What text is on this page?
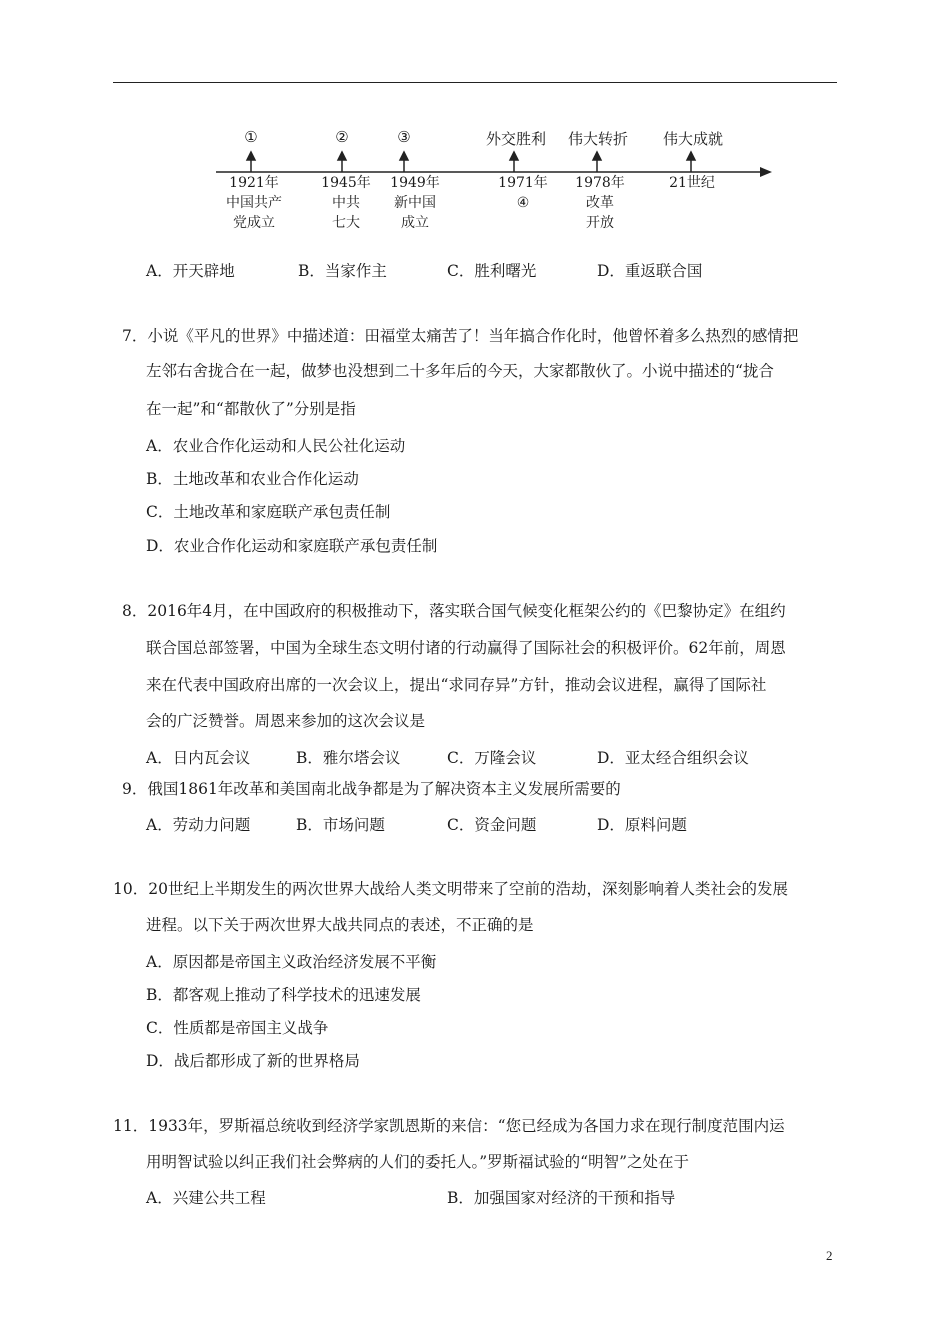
①	②	③	外交胜利	伟大转折	伟大成就
1921年
中国共产
党成立
1945年
中共
七大
1949年
新中国
成立
1971年
④
1978年
改革
开放
21世纪
A．开天辟地	B．当家作主	C．胜利曙光	D．重返联合国
7．小说《平凡的世界》中描述道：田福堂太痛苦了！当年搞合作化时，他曾怀着多么热烈的感情把
左邻右舍拢合在一起，做梦也没想到二十多年后的今天，大家都散伙了。小说中描述的“拢合
在一起”和“都散伙了”分别是指
A．农业合作化运动和人民公社化运动
B．土地改革和农业合作化运动
C．土地改革和家庭联产承包责任制
D．农业合作化运动和家庭联产承包责任制
8．2016年4月，在中国政府的积极推动下，落实联合国气候变化框架公约的《巴黎协定》在组约
联合国总部签署，中国为全球生态文明付诸的行动赢得了国际社会的积极评价。62年前，周恩
来在代表中国政府出席的一次会议上，提出“求同存异”方针，推动会议进程，赢得了国际社
会的广泛赞誉。周恩来参加的这次会议是
A．日内瓦会议	B．雅尔塔会议	C．万隆会议	D．亚太经合组织会议
9．俄国1861年改革和美国南北战争都是为了解决资本主义发展所需要的
A．劳动力问题	B．市场问题	C．资金问题	D．原料问题
10．20世纪上半期发生的两次世界大战给人类文明带来了空前的浩劫，深刻影响着人类社会的发展
进程。以下关于两次世界大战共同点的表述，不正确的是
A．原因都是帝国主义政治经济发展不平衡
B．都客观上推动了科学技术的迅速发展
C．性质都是帝国主义战争
D．战后都形成了新的世界格局
11．1933年，罗斯福总统收到经济学家凯恩斯的来信：“您已经成为各国力求在现行制度范围内运
用明智试验以纠正我们社会弊病的人们的委托人。”罗斯福试验的“明智”之处在于
A．兴建公共工程	B．加强国家对经济的干预和指导
2
